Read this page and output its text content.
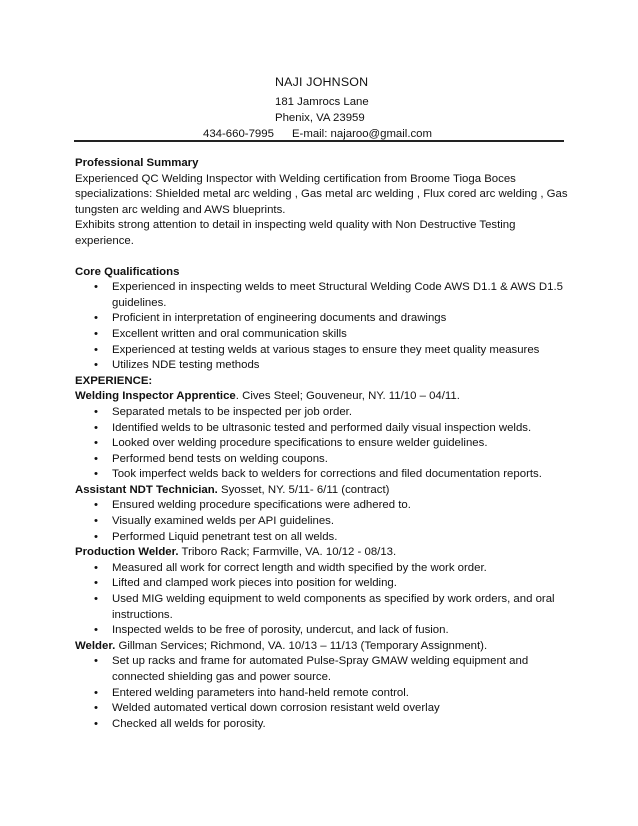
NAJI JOHNSON
181 Jamrocs Lane
Phenix, VA 23959
434-660-7995 E-mail: najaroo@gmail.com
Professional Summary

Experienced QC Welding Inspector with Welding certification from Broome Tioga Boces specializations: Shielded metal arc welding , Gas metal arc welding , Flux cored arc welding , Gas tungsten arc welding and AWS blueprints.

Exhibits strong attention to detail in inspecting weld quality with Non Destructive Testing experience.

Core Qualifications
• Experienced in inspecting welds to meet Structural Welding Code AWS D1.1 & AWS D1.5 guidelines.
• Proficient in interpretation of engineering documents and drawings
• Excellent written and oral communication skills
• Experienced at testing welds at various stages to ensure they meet quality measures
• Utilizes NDE testing methods
EXPERIENCE:
Welding Inspector Apprentice. Cives Steel; Gouveneur, NY. 11/10 – 04/11.
• Separated metals to be inspected per job order.
• Identified welds to be ultrasonic tested and performed daily visual inspection welds.
• Looked over welding procedure specifications to ensure welder guidelines.
• Performed bend tests on welding coupons.
• Took imperfect welds back to welders for corrections and filed documentation reports.
Assistant NDT Technician. Syosset, NY. 5/11- 6/11 (contract)
• Ensured welding procedure specifications were adhered to.
• Visually examined welds per API guidelines.
• Performed Liquid penetrant test on all welds.
Production Welder. Triboro Rack; Farmville, VA. 10/12 - 08/13.
• Measured all work for correct length and width specified by the work order.
• Lifted and clamped work pieces into position for welding.
• Used MIG welding equipment to weld components as specified by work orders, and oral instructions.
• Inspected welds to be free of porosity, undercut, and lack of fusion.
Welder. Gillman Services; Richmond, VA. 10/13 – 11/13 (Temporary Assignment).
• Set up racks and frame for automated Pulse-Spray GMAW welding equipment and connected shielding gas and power source.
• Entered welding parameters into hand-held remote control.
• Welded automated vertical down corrosion resistant weld overlay
• Checked all welds for porosity.
